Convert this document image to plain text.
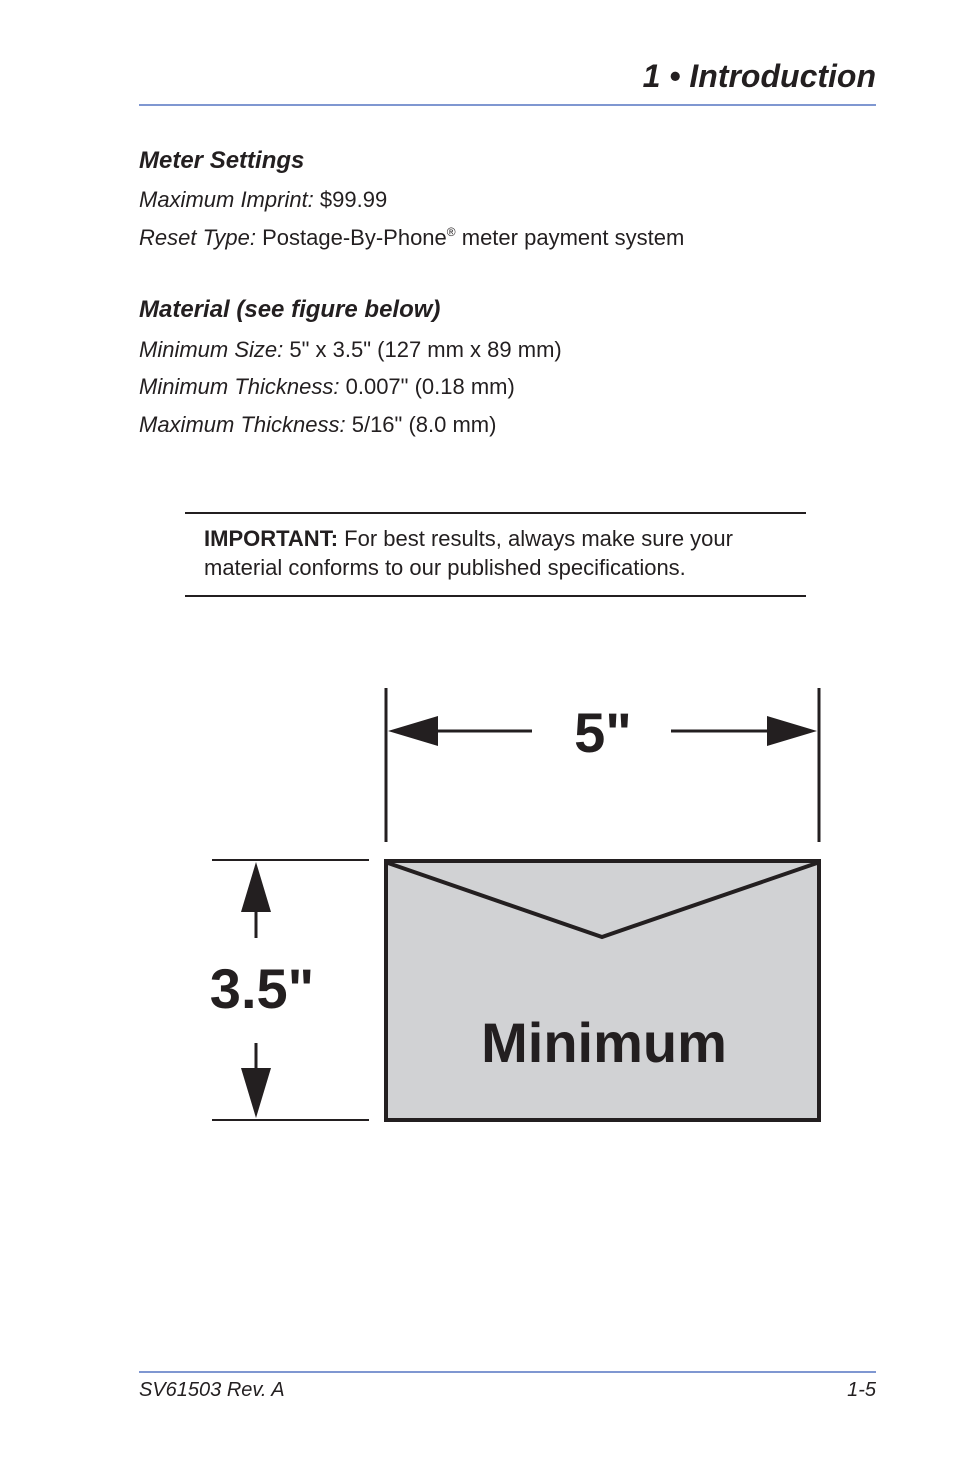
1 • Introduction
Meter Settings
Maximum Imprint: $99.99
Reset Type: Postage-By-Phone® meter payment system
Material (see figure below)
Minimum Size: 5" x 3.5" (127 mm x 89 mm)
Minimum Thickness: 0.007" (0.18 mm)
Maximum Thickness: 5/16" (8.0 mm)
IMPORTANT: For best results, always make sure your material conforms to our published specifications.
5"
3.5"
Minimum
SV61503 Rev. A	1-5
